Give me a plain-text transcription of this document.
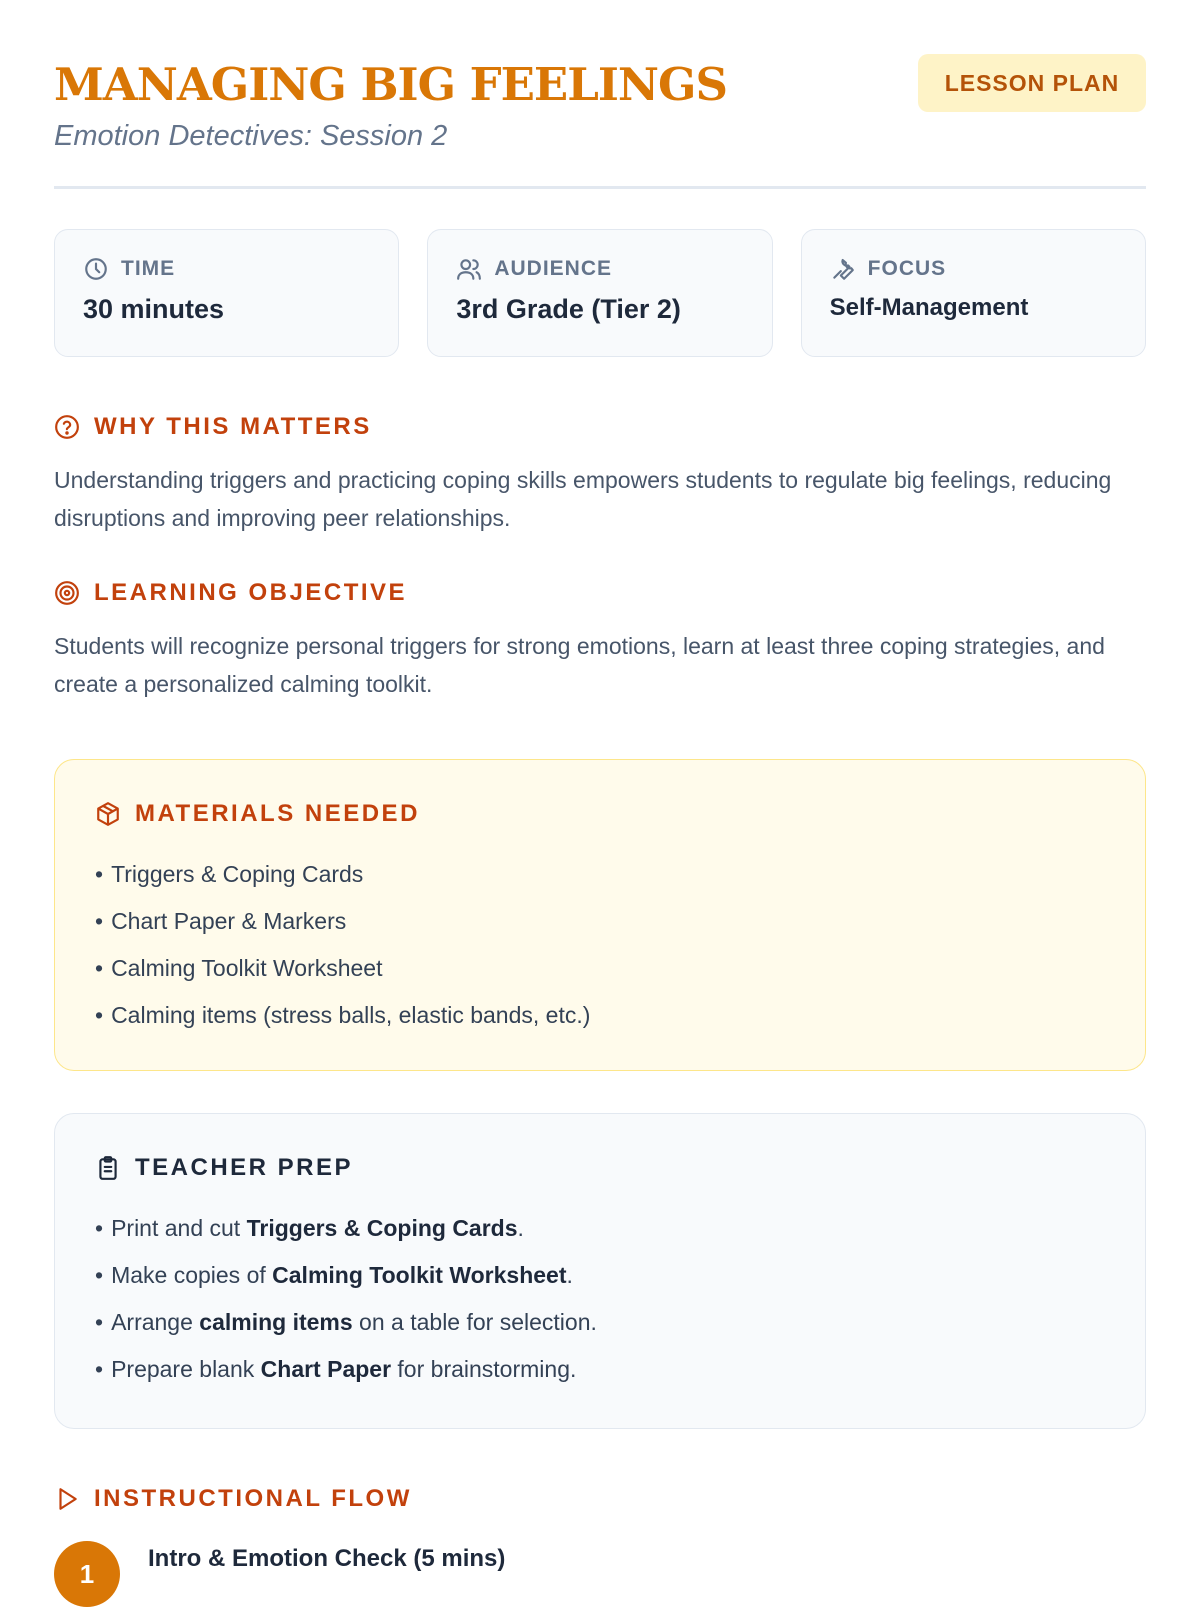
MANAGING BIG FEELINGS
Emotion Detectives: Session 2
LESSON PLAN
TIME
30 minutes
AUDIENCE
3rd Grade (Tier 2)
FOCUS
Self-Management
WHY THIS MATTERS

Understanding triggers and practicing coping skills empowers students to regulate big feelings, reducing disruptions and improving peer relationships.

LEARNING OBJECTIVE

Students will recognize personal triggers for strong emotions, learn at least three coping strategies, and create a personalized calming toolkit.

MATERIALS NEEDED
• Triggers & Coping Cards
• Chart Paper & Markers
• Calming Toolkit Worksheet
• Calming items (stress balls, elastic bands, etc.)
TEACHER PREP
• Print and cut Triggers & Coping Cards.
• Make copies of Calming Toolkit Worksheet.
• Arrange calming items on a table for selection.
• Prepare blank Chart Paper for brainstorming.
INSTRUCTIONAL FLOW
1	Intro & Emotion Check (5 mins)
